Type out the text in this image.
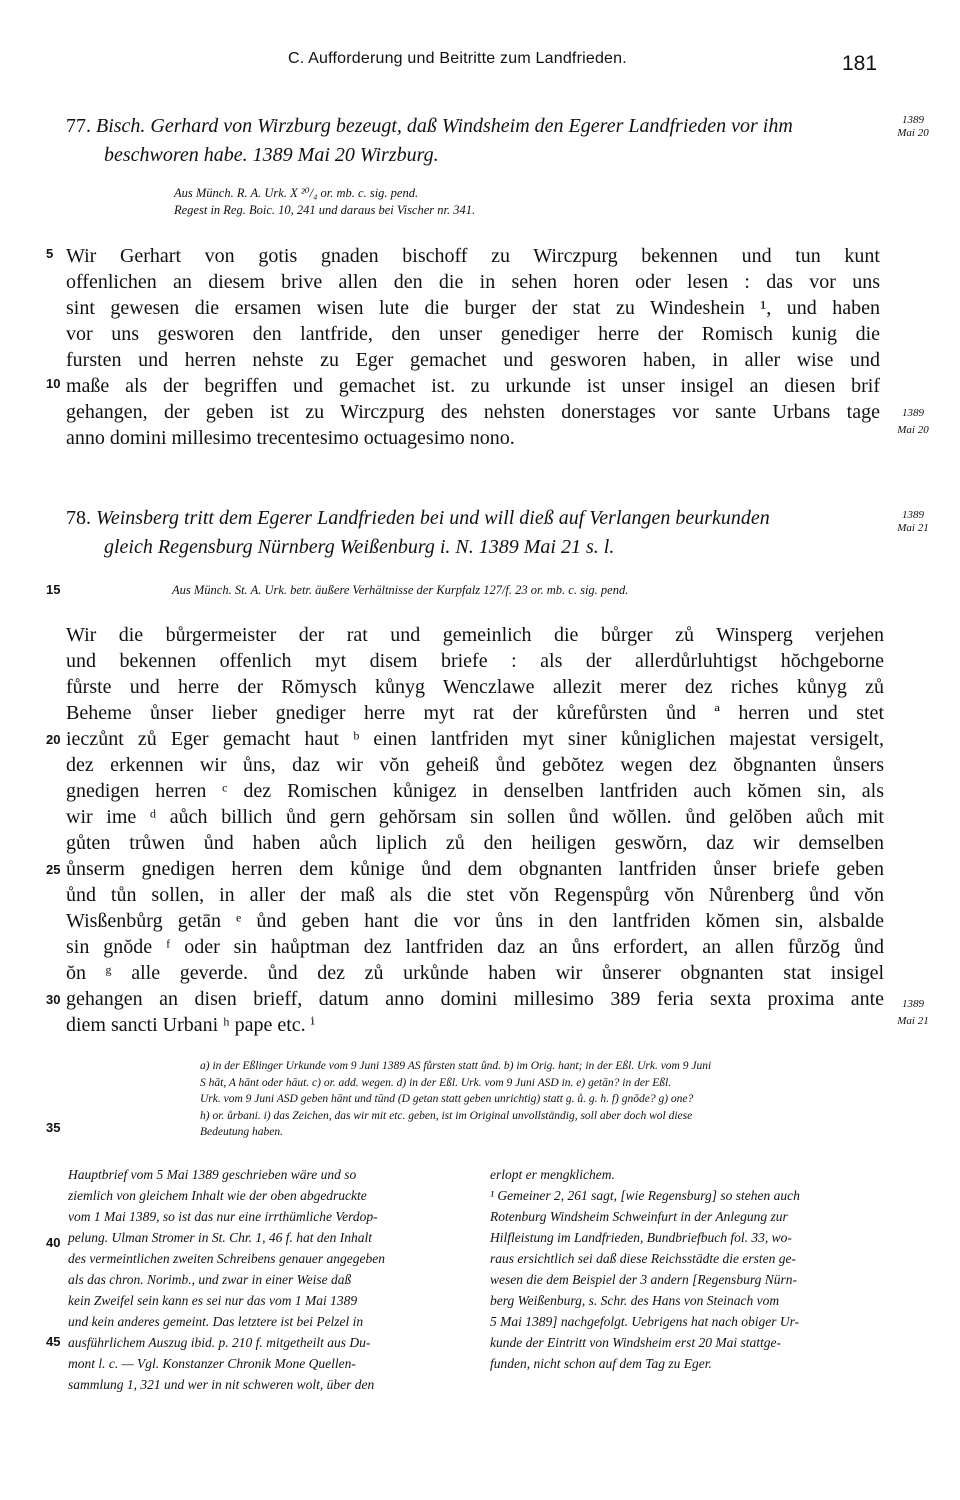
C. Aufforderung und Beitritte zum Landfrieden.	181
77. Bisch. Gerhard von Wirzburg bezeugt, daß Windsheim den Egerer Landfrieden vor ihm
beschworen habe. 1389 Mai 20 Wirzburg.
1389
Mai 20
Aus Münch. R. A. Urk. X ²⁰/₄ or. mb. c. sig. pend.
Regest in Reg. Boic. 10, 241 und daraus bei Vischer nr. 341.
5 Wir Gerhart von gotis gnaden bischoff zu Wirczpurg bekennen und tun kunt
offenlichen an diesem brive allen den die in sehen horen oder lesen : das vor uns
sint gewesen die ersamen wisen lute die burger der stat zu Windeshein ¹, und haben
vor uns gesworen den lantfride, den unser genediger herre der Romisch kunig die
fursten und herren nehste zu Eger gemachet und gesworen haben, in aller wise und
maße als der begriffen und gemachet ist. zu urkunde ist unser insigel an diesen brif
gehangen, der geben ist zu Wirczpurg des nehsten donerstages vor sante Urbans tage
anno domini millesimo trecentesimo octuagesimo nono.
10
1389
Mai 20
78. Weinsberg tritt dem Egerer Landfrieden bei und will dieß auf Verlangen beurkunden
gleich Regensburg Nürnberg Weißenburg i. N. 1389 Mai 21 s. l.
1389
Mai 21
15	Aus Münch. St. A. Urk. betr. äußere Verhältnisse der Kurpfalz 127/f. 23 or. mb. c. sig. pend.
Wir die bůrgermeister der rat und gemeinlich die bůrger zů Winsperg verjehen
und bekennen offenlich myt disem briefe : als der allerdůrluhtigst hŏchgeborne
fůrste und herre der Rŏmysch kůnyg Wenczlawe allezit merer dez riches kůnyg zů
Beheme ůnser lieber gnediger herre myt rat der kůrefůrsten ůnd ª herren und stet
ieczůnt zů Eger gemacht haut ᵇ einen lantfriden myt siner kůniglichen majestat versigelt,
dez erkennen wir ůns, daz wir vŏn geheiß ůnd gebŏtez wegen dez ŏbgnanten ůnsers
gnedigen herren ᶜ dez Romischen kůnigez in denselben lantfriden auch kŏmen sin, als
wir ime ᵈ aůch billich ůnd gern gehŏrsam sin sollen ůnd wŏllen. ůnd gelŏben aůch mit
gůten trůwen ůnd haben aůch liplich zů den heiligen geswŏrn, daz wir demselben
ůnserm gnedigen herren dem kůnige ůnd dem obgnanten lantfriden ůnser briefe geben
ůnd tůn sollen, in aller der maß als die stet vŏn Regenspůrg vŏn Nůrenberg ůnd vŏn
Wisßenbůrg getān ᵉ ůnd geben hant die vor ůns in den lantfriden kŏmen sin, alsbalde
sin gnŏde ᶠ oder sin haůptman dez lantfriden daz an ůns erfordert, an allen fůrzŏg ůnd
ŏn ᵍ alle geverde. ůnd dez zů urkůnde haben wir ůnserer obgnanten stat insigel
gehangen an disen brieff, datum anno domini millesimo 389 feria sexta proxima ante
diem sancti Urbani ʰ pape etc. ⁱ
20
25
30	1389
Mai 21
a) in der Eßlinger Urkunde vom 9 Juni 1389 AS fůrsten statt ůnd. b) im Orig. hant; in der Eßl. Urk. vom 9 Juni
S hāt, A hānt oder hāut. c) or. add. wegen. d) in der Eßl. Urk. vom 9 Juni ASD in. e) getān? in der Eßl.
Urk. vom 9 Juni ASD geben hānt und tūnd (D getan statt geben unrichtig) statt g. ů. g. h. f) gnŏde? g) one?
h) or. ůrbani. i) das Zeichen, das wir mit etc. geben, ist im Original unvollständig, soll aber doch wol diese
Bedeutung haben.
35
Hauptbrief vom 5 Mai 1389 geschrieben wäre und so
ziemlich von gleichem Inhalt wie der oben abgedruckte
vom 1 Mai 1389, so ist das nur eine irrthümliche Verdop-
pelung. Ulman Stromer in St. Chr. 1, 46 f. hat den Inhalt
des vermeintlichen zweiten Schreibens genauer angegeben
als das chron. Norimb., und zwar in einer Weise daß
kein Zweifel sein kann es sei nur das vom 1 Mai 1389
und kein anderes gemeint. Das letztere ist bei Pelzel in
ausführlichem Auszug ibid. p. 210 f. mitgetheilt aus Du-
mont l. c. — Vgl. Konstanzer Chronik Mone Quellen-
sammlung 1, 321 und wer in nit schweren wolt, über den
erlopt er mengklichem.
¹ Gemeiner 2, 261 sagt, [wie Regensburg] so stehen auch
Rotenburg Windsheim Schweinfurt in der Anlegung zur
Hilfleistung im Landfrieden, Bundbriefbuch fol. 33, wo-
raus ersichtlich sei daß diese Reichsstädte die ersten ge-
wesen die dem Beispiel der 3 andern [Regensburg Nürn-
berg Weißenburg, s. Schr. des Hans von Steinach vom
5 Mai 1389] nachgefolgt. Uebrigens hat nach obiger Ur-
kunde der Eintritt von Windsheim erst 20 Mai stattge-
funden, nicht schon auf dem Tag zu Eger.
40
45
